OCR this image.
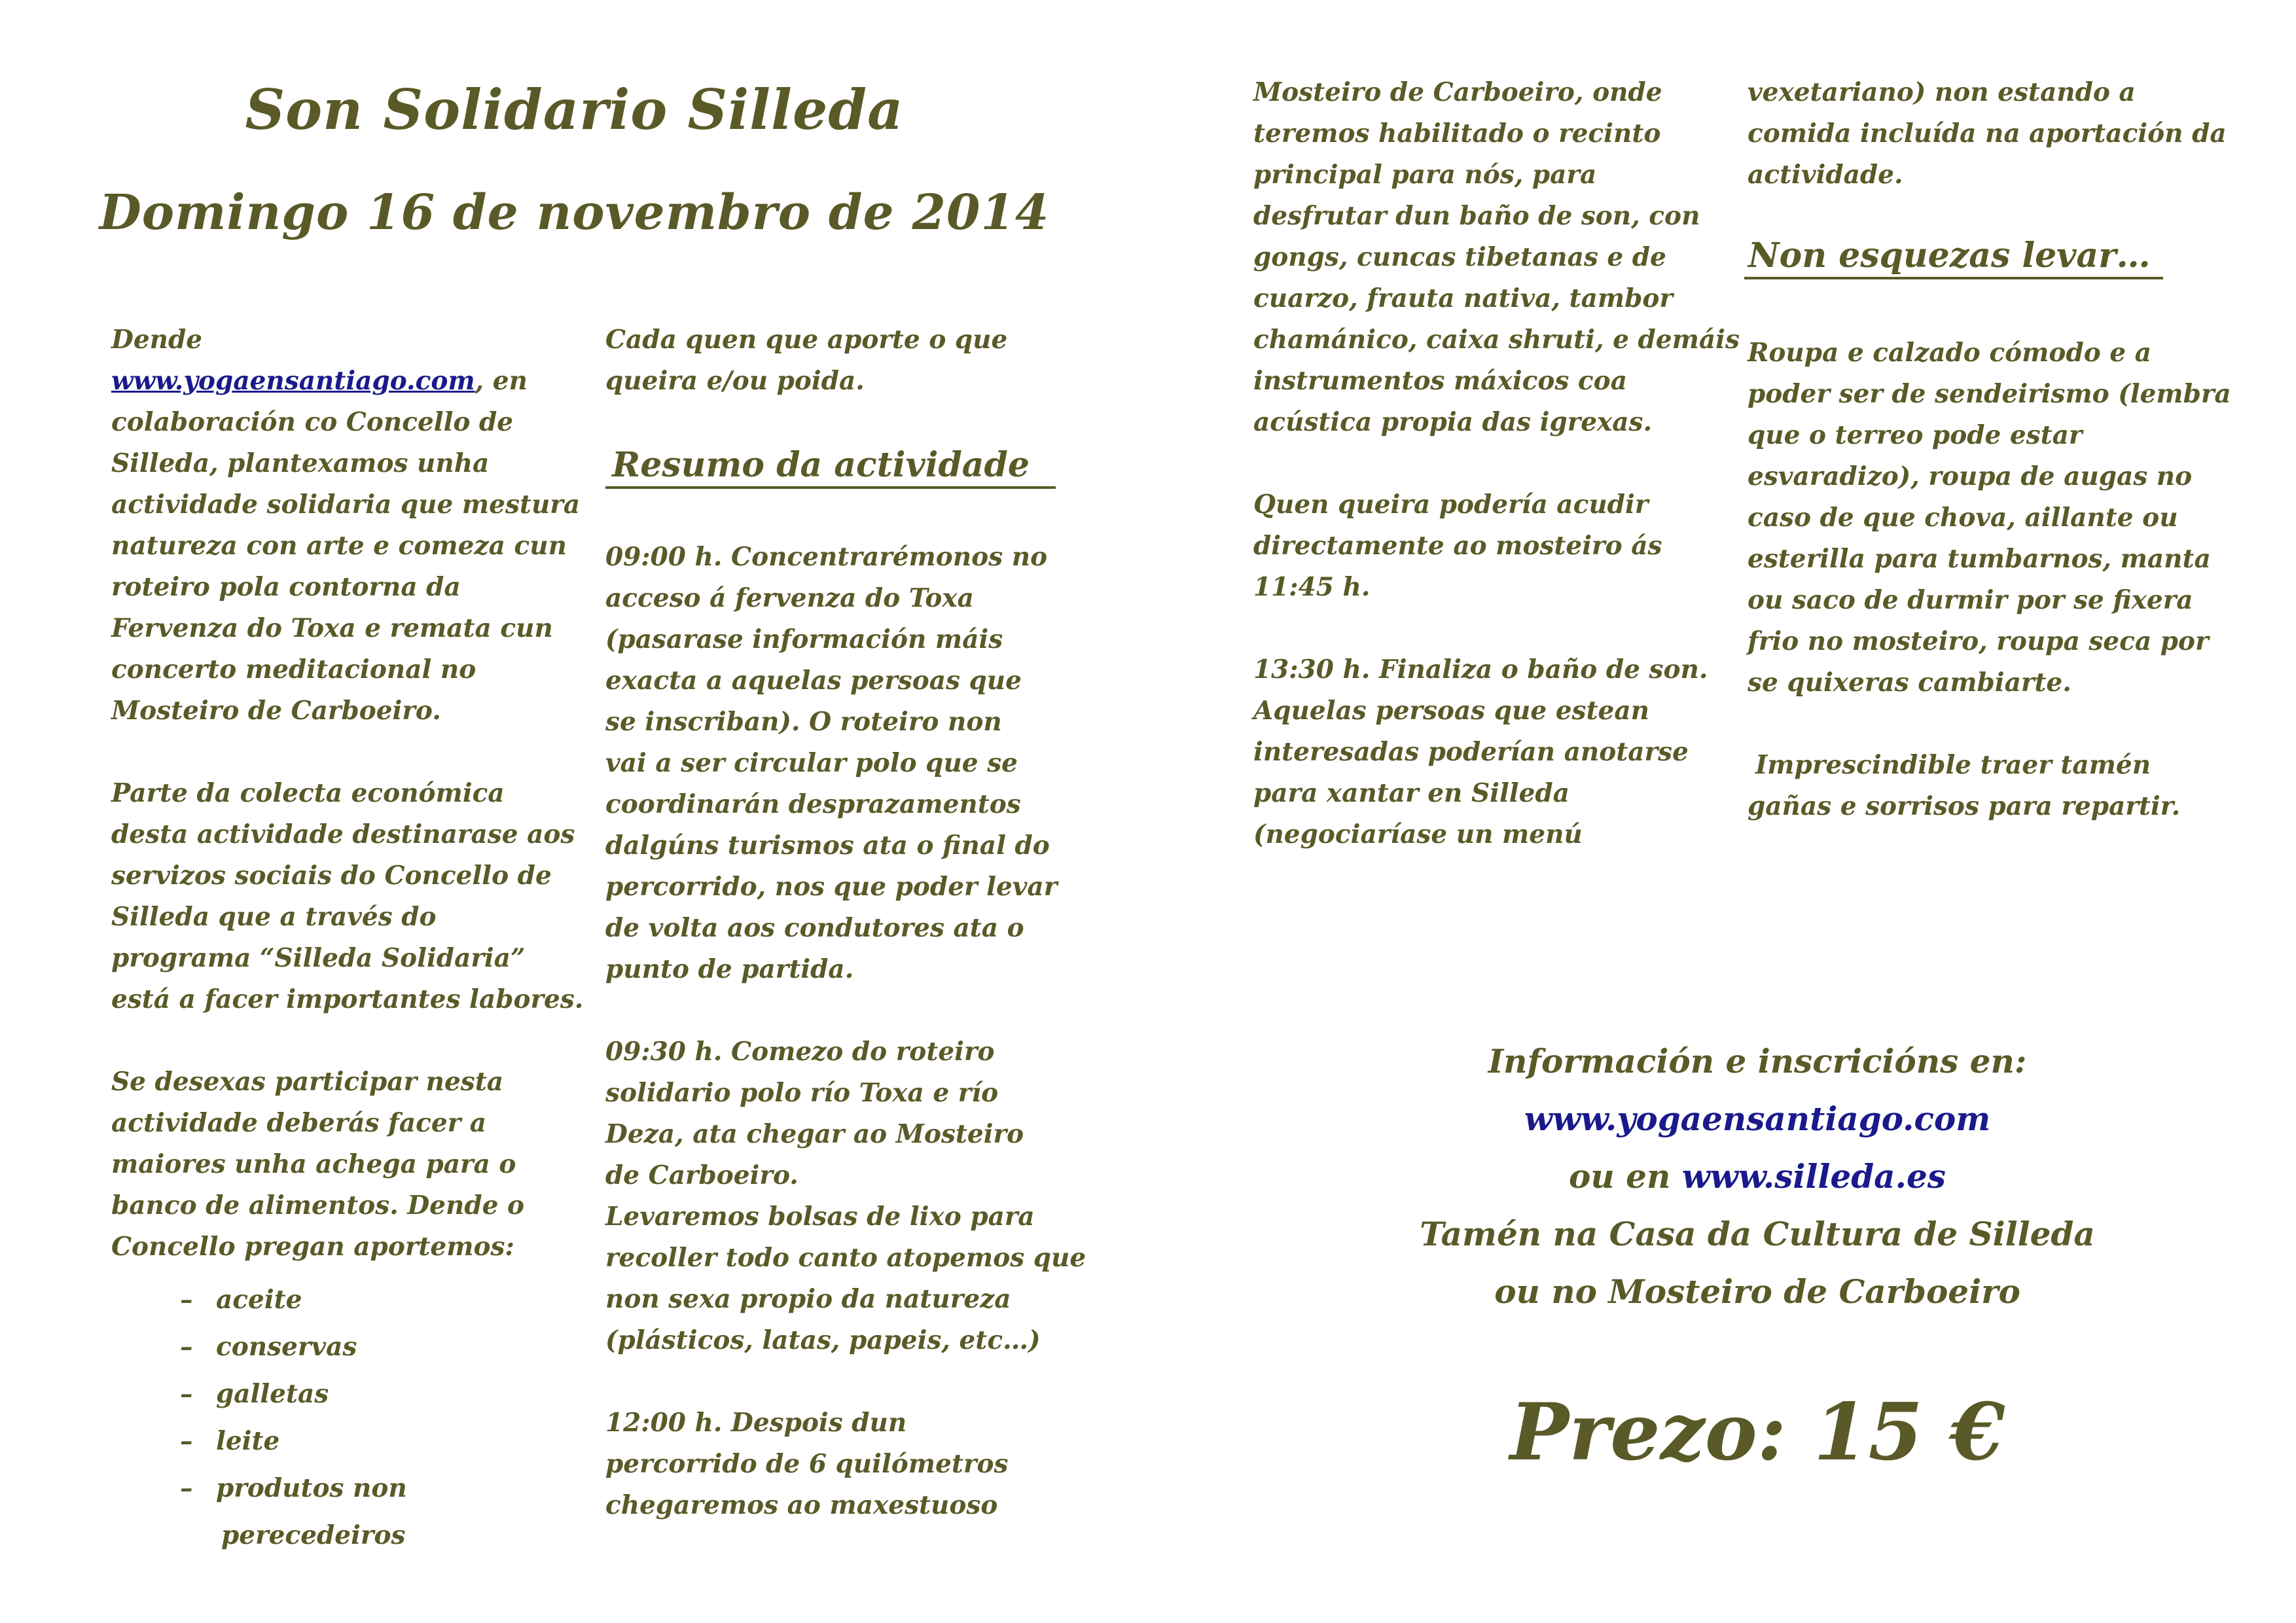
Son Solidario Silleda
Domingo 16 de novembro de 2014
Dende
www.yogaensantiago.com, en
colaboración co Concello de
Silleda, plantexamos unha
actividade solidaria que mestura
natureza con arte e comeza cun
roteiro pola contorna da
Fervenza do Toxa e remata cun
concerto meditacional no
Mosteiro de Carboeiro.
Parte da colecta económica
desta actividade destinarase aos
servizos sociais do Concello de
Silleda que a través do
programa “Silleda Solidaria”
está a facer importantes labores.
Se desexas participar nesta
actividade deberás facer a
maiores unha achega para o
banco de alimentos. Dende o
Concello pregan aportemos:
– aceite
– conservas
– galletas
– leite
– produtos non
perecedeiros
Cada quen que aporte o que
queira e/ou poida.
Resumo da actividade
09:00 h. Concentrarémonos no
acceso á fervenza do Toxa
(pasarase información máis
exacta a aquelas persoas que
se inscriban). O roteiro non
vai a ser circular polo que se
coordinarán desprazamentos
dalgúns turismos ata o final do
percorrido, nos que poder levar
de volta aos condutores ata o
punto de partida.
09:30 h. Comezo do roteiro
solidario polo río Toxa e río
Deza, ata chegar ao Mosteiro
de Carboeiro.
Levaremos bolsas de lixo para
recoller todo canto atopemos que
non sexa propio da natureza
(plásticos, latas, papeis, etc…)
12:00 h. Despois dun
percorrido de 6 quilómetros
chegaremos ao maxestuoso
Mosteiro de Carboeiro, onde
teremos habilitado o recinto
principal para nós, para
desfrutar dun baño de son, con
gongs, cuncas tibetanas e de
cuarzo, frauta nativa, tambor
chamánico, caixa shruti, e demáis
instrumentos máxicos coa
acústica propia das igrexas.
Quen queira podería acudir
directamente ao mosteiro ás
11:45 h.
13:30 h. Finaliza o baño de son.
Aquelas persoas que estean
interesadas poderían anotarse
para xantar en Silleda
(negociaríase un menú
vexetariano) non estando a
comida incluída na aportación da
actividade.
Non esquezas levar…
Roupa e calzado cómodo e a
poder ser de sendeirismo (lembra
que o terreo pode estar
esvaradizo), roupa de augas no
caso de que chova, aillante ou
esterilla para tumbarnos, manta
ou saco de durmir por se fixera
frio no mosteiro, roupa seca por
se quixeras cambiarte.
Imprescindible traer tamén
gañas e sorrisos para repartir.
Información e inscricións en:
www.yogaensantiago.com
ou en www.silleda.es
Tamén na Casa da Cultura de Silleda
ou no Mosteiro de Carboeiro
Prezo: 15 €
